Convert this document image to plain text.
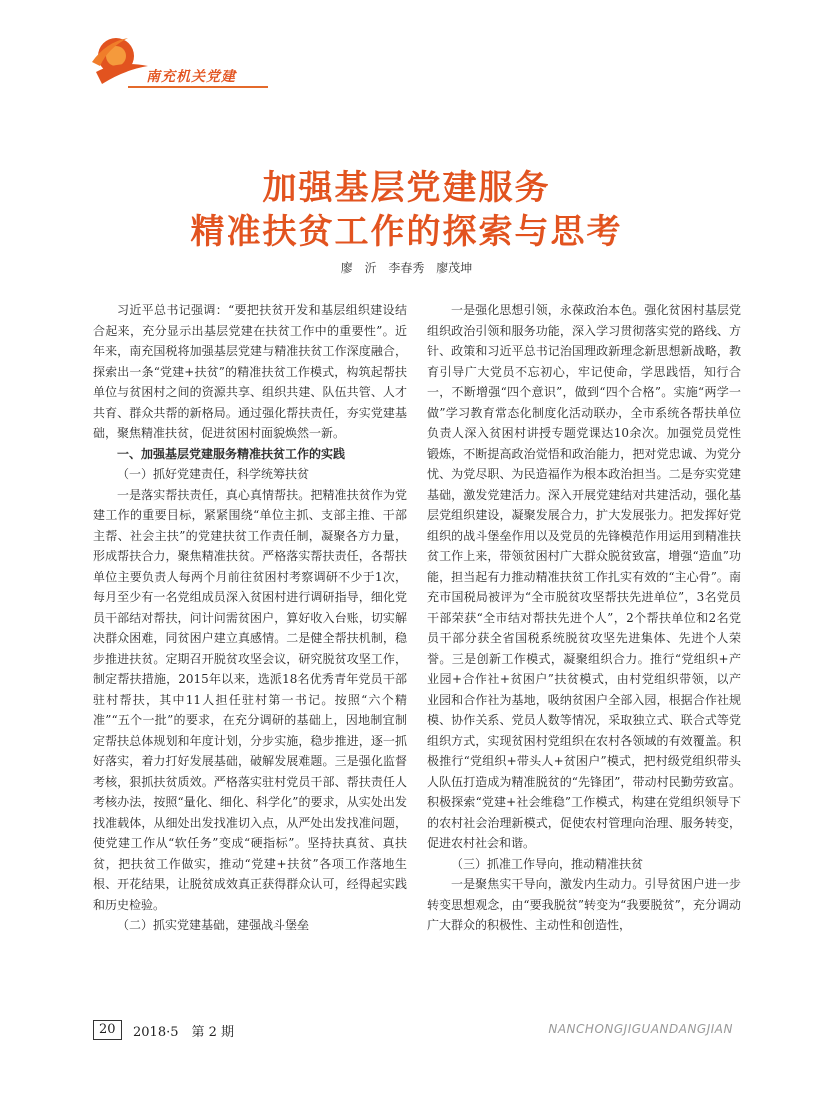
南充机关党建
加强基层党建服务
精准扶贫工作的探索与思考
廖 沂 李春秀 廖茂坤

习近平总书记强调：“要把扶贫开发和基层组织建设结合起来，充分显示出基层党建在扶贫工作中的重要性”。近年来，南充国税将加强基层党建与精准扶贫工作深度融合，探索出一条“党建+扶贫”的精准扶贫工作模式，构筑起帮扶单位与贫困村之间的资源共享、组织共建、队伍共管、人才共育、群众共帮的新格局。通过强化帮扶责任，夯实党建基础，聚焦精准扶贫，促进贫困村面貌焕然一新。

一、加强基层党建服务精准扶贫工作的实践
（一）抓好党建责任，科学统筹扶贫

一是落实帮扶责任，真心真情帮扶。把精准扶贫作为党建工作的重要目标，紧紧围绕“单位主抓、支部主推、干部主帮、社会主扶”的党建扶贫工作责任制，凝聚各方力量，形成帮扶合力，聚焦精准扶贫。严格落实帮扶责任，各帮扶单位主要负责人每两个月前往贫困村考察调研不少于1次，每月至少有一名党组成员深入贫困村进行调研指导，细化党员干部结对帮扶，问计问需贫困户，算好收入台账，切实解决群众困难，同贫困户建立真感情。二是健全帮扶机制，稳步推进扶贫。定期召开脱贫攻坚会议，研究脱贫攻坚工作，制定帮扶措施，2015年以来，选派18名优秀青年党员干部驻村帮扶，其中11人担任驻村第一书记。按照“六个精准”“五个一批”的要求，在充分调研的基础上，因地制宜制定帮扶总体规划和年度计划，分步实施，稳步推进，逐一抓好落实，着力打好发展基础，破解发展难题。三是强化监督考核，狠抓扶贫质效。严格落实驻村党员干部、帮扶责任人考核办法，按照“量化、细化、科学化”的要求，从实处出发找准载体，从细处出发找准切入点，从严处出发找准问题，使党建工作从“软任务”变成“硬指标”。坚持扶真贫、真扶贫，把扶贫工作做实，推动“党建+扶贫”各项工作落地生根、开花结果，让脱贫成效真正获得群众认可，经得起实践和历史检验。

（二）抓实党建基础，建强战斗堡垒

一是强化思想引领，永葆政治本色。强化贫困村基层党组织政治引领和服务功能，深入学习贯彻落实党的路线、方针、政策和习近平总书记治国理政新理念新思想新战略，教育引导广大党员不忘初心，牢记使命，学思践悟，知行合一，不断增强“四个意识”，做到“四个合格”。实施“两学一做”学习教育常态化制度化活动联办，全市系统各帮扶单位负责人深入贫困村讲授专题党课达10余次。加强党员党性锻炼，不断提高政治觉悟和政治能力，把对党忠诚、为党分忧、为党尽职、为民造福作为根本政治担当。二是夯实党建基础，激发党建活力。深入开展党建结对共建活动，强化基层党组织建设，凝聚发展合力，扩大发展张力。把发挥好党组织的战斗堡垒作用以及党员的先锋模范作用运用到精准扶贫工作上来，带领贫困村广大群众脱贫致富，增强“造血”功能，担当起有力推动精准扶贫工作扎实有效的“主心骨”。南充市国税局被评为“全市脱贫攻坚帮扶先进单位”，3名党员干部荣获“全市结对帮扶先进个人”，2个帮扶单位和2名党员干部分获全省国税系统脱贫攻坚先进集体、先进个人荣誉。三是创新工作模式，凝聚组织合力。推行“党组织+产业园+合作社+贫困户”扶贫模式，由村党组织带领，以产业园和合作社为基地，吸纳贫困户全部入园，根据合作社规模、协作关系、党员人数等情况，采取独立式、联合式等党组织方式，实现贫困村党组织在农村各领域的有效覆盖。积极推行“党组织+带头人+贫困户”模式，把村级党组织带头人队伍打造成为精准脱贫的“先锋团”，带动村民勤劳致富。积极探索“党建+社会维稳”工作模式，构建在党组织领导下的农村社会治理新模式，促使农村管理向治理、服务转变，促进农村社会和谐。

（三）抓准工作导向，推动精准扶贫

一是聚焦实干导向，激发内生动力。引导贫困户进一步转变思想观念，由“要我脱贫”转变为“我要脱贫”，充分调动广大群众的积极性、主动性和创造性，

20	2018·5　第 2 期	NANCHONGJIGUANDANGJIAN
